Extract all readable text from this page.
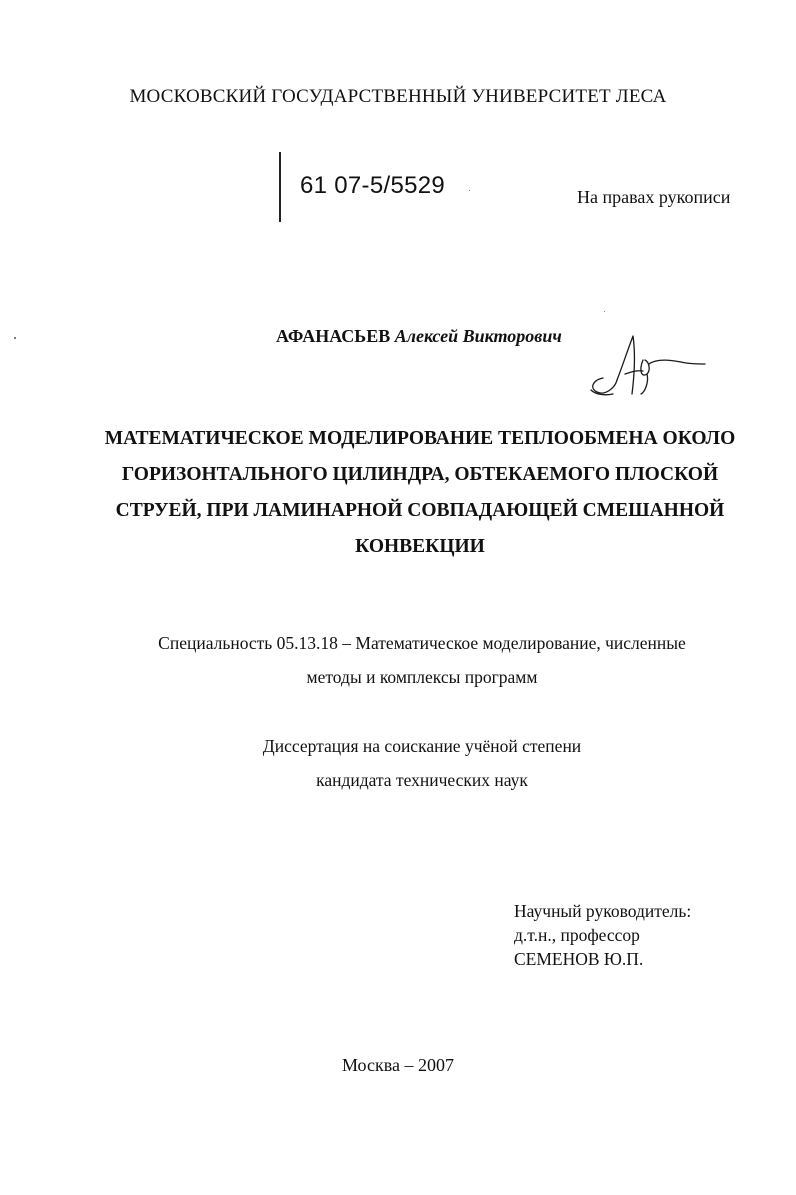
МОСКОВСКИЙ ГОСУДАРСТВЕННЫЙ УНИВЕРСИТЕТ ЛЕСА
61 07-5/5529	На правах рукописи
АФАНАСЬЕВ Алексей Викторович
МАТЕМАТИЧЕСКОЕ МОДЕЛИРОВАНИЕ ТЕПЛООБМЕНА ОКОЛО
ГОРИЗОНТАЛЬНОГО ЦИЛИНДРА, ОБТЕКАЕМОГО ПЛОСКОЙ
СТРУЕЙ, ПРИ ЛАМИНАРНОЙ СОВПАДАЮЩЕЙ СМЕШАННОЙ
КОНВЕКЦИИ
Специальность 05.13.18 – Математическое моделирование, численные
методы и комплексы программ
Диссертация на соискание учёной степени
кандидата технических наук
Научный руководитель:
д.т.н., профессор
СЕМЕНОВ Ю.П.
Москва – 2007
